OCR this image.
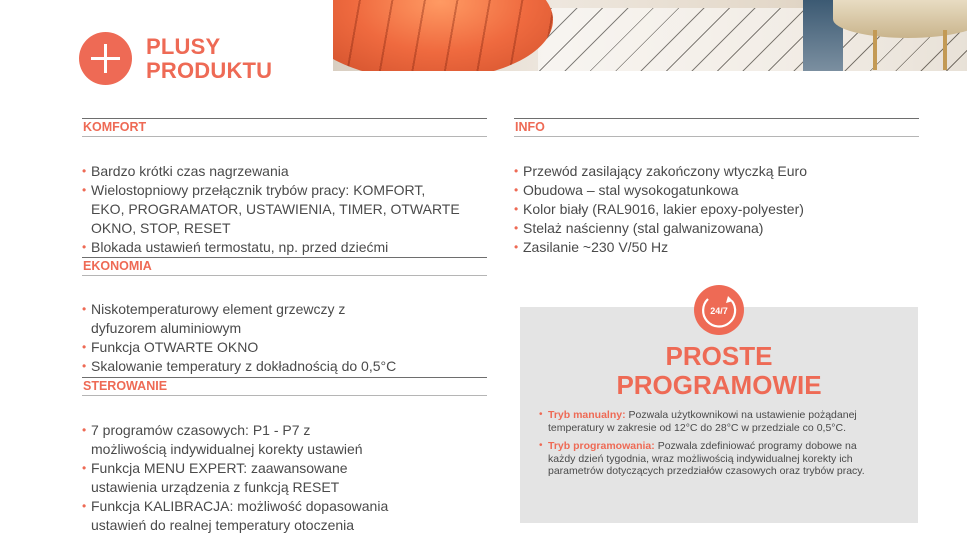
PLUSY
PRODUKTU
KOMFORT
• Bardzo krótki czas nagrzewania
• Wielostopniowy przełącznik trybów pracy: KOMFORT,
EKO, PROGRAMATOR, USTAWIENIA, TIMER, OTWARTE
OKNO, STOP, RESET
• Blokada ustawień termostatu, np. przed dziećmi
EKONOMIA
• Niskotemperaturowy element grzewczy z
dyfuzorem aluminiowym
• Funkcja OTWARTE OKNO
• Skalowanie temperatury z dokładnością do 0,5°C
STEROWANIE
• 7 programów czasowych: P1 - P7 z
możliwością indywidualnej korekty ustawień
• Funkcja MENU EXPERT: zaawansowane
ustawienia urządzenia z funkcją RESET
• Funkcja KALIBRACJA: możliwość dopasowania
ustawień do realnej temperatury otoczenia
INFO
• Przewód zasilający zakończony wtyczką Euro
• Obudowa – stal wysokogatunkowa
• Kolor biały (RAL9016, lakier epoxy-polyester)
• Stelaż naścienny (stal galwanizowana)
• Zasilanie ~230 V/50 Hz
24/7
PROSTE
PROGRAMOWIE
• Tryb manualny: Pozwala użytkownikowi na ustawienie pożądanej temperatury w zakresie od 12°C do 28°C w przedziale co 0,5°C.
• Tryb programowania: Pozwala zdefiniować programy dobowe na każdy dzień tygodnia, wraz możliwością indywidualnej korekty ich parametrów dotyczących przedziałów czasowych oraz trybów pracy.
